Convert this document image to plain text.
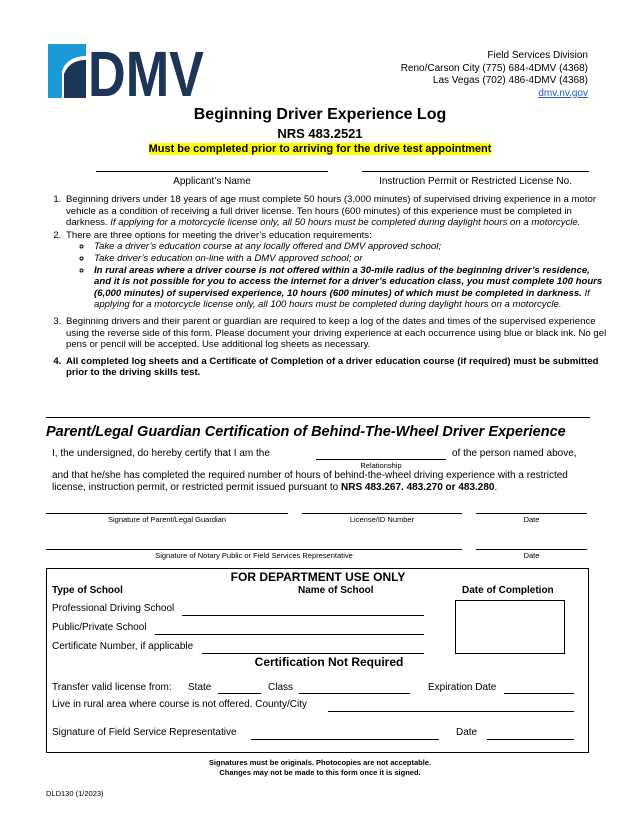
DMV	Field Services Division
Reno/Carson City (775) 684-4DMV (4368)
Las Vegas (702) 486-4DMV (4368)
dmv.nv.gov
Beginning Driver Experience Log
NRS 483.2521
Must be completed prior to arriving for the drive test appointment
Applicant’s Name	Instruction Permit or Restricted License No.
1. Beginning drivers under 18 years of age must complete 50 hours (3,000 minutes) of supervised driving experience in a motor vehicle as a condition of receiving a full driver license. Ten hours (600 minutes) of this experience must be completed in darkness. If applying for a motorcycle license only, all 50 hours must be completed during daylight hours on a motorcycle.
2. There are three options for meeting the driver’s education requirements:
◦ Take a driver’s education course at any locally offered and DMV approved school;
◦ Take driver’s education on-line with a DMV approved school; or
◦ In rural areas where a driver course is not offered within a 30-mile radius of the beginning driver’s residence, and it is not possible for you to access the internet for a driver’s education class, you must complete 100 hours (6,000 minutes) of supervised experience, 10 hours (600 minutes) of which must be completed in darkness. If applying for a motorcycle license only, all 100 hours must be completed during daylight hours on a motorcycle.
3. Beginning drivers and their parent or guardian are required to keep a log of the dates and times of the supervised experience using the reverse side of this form. Please document your driving experience at each occurrence using blue or black ink. No gel pens or pencil will be accepted. Use additional log sheets as necessary.
4. All completed log sheets and a Certificate of Completion of a driver education course (if required) must be submitted prior to the driving skills test.
Parent/Legal Guardian Certification of Behind-The-Wheel Driver Experience
I, the undersigned, do hereby certify that I am the	of the person named above,
Relationship
and that he/she has completed the required number of hours of behind-the-wheel driving experience with a restricted license, instruction permit, or restricted permit issued pursuant to NRS 483.267. 483.270 or 483.280.
Signature of Parent/Legal Guardian	License/ID Number	Date
Signature of Notary Public or Field Services Representative	Date
FOR DEPARTMENT USE ONLY
Type of School	Name of School	Date of Completion
Professional Driving School
Public/Private School
Certificate Number, if applicable
Certification Not Required
Transfer valid license from: State	Class	Expiration Date
Live in rural area where course is not offered. County/City
Signature of Field Service Representative	Date
Signatures must be originals. Photocopies are not acceptable.
Changes may not be made to this form once it is signed.
DLD130 (1/2023)
